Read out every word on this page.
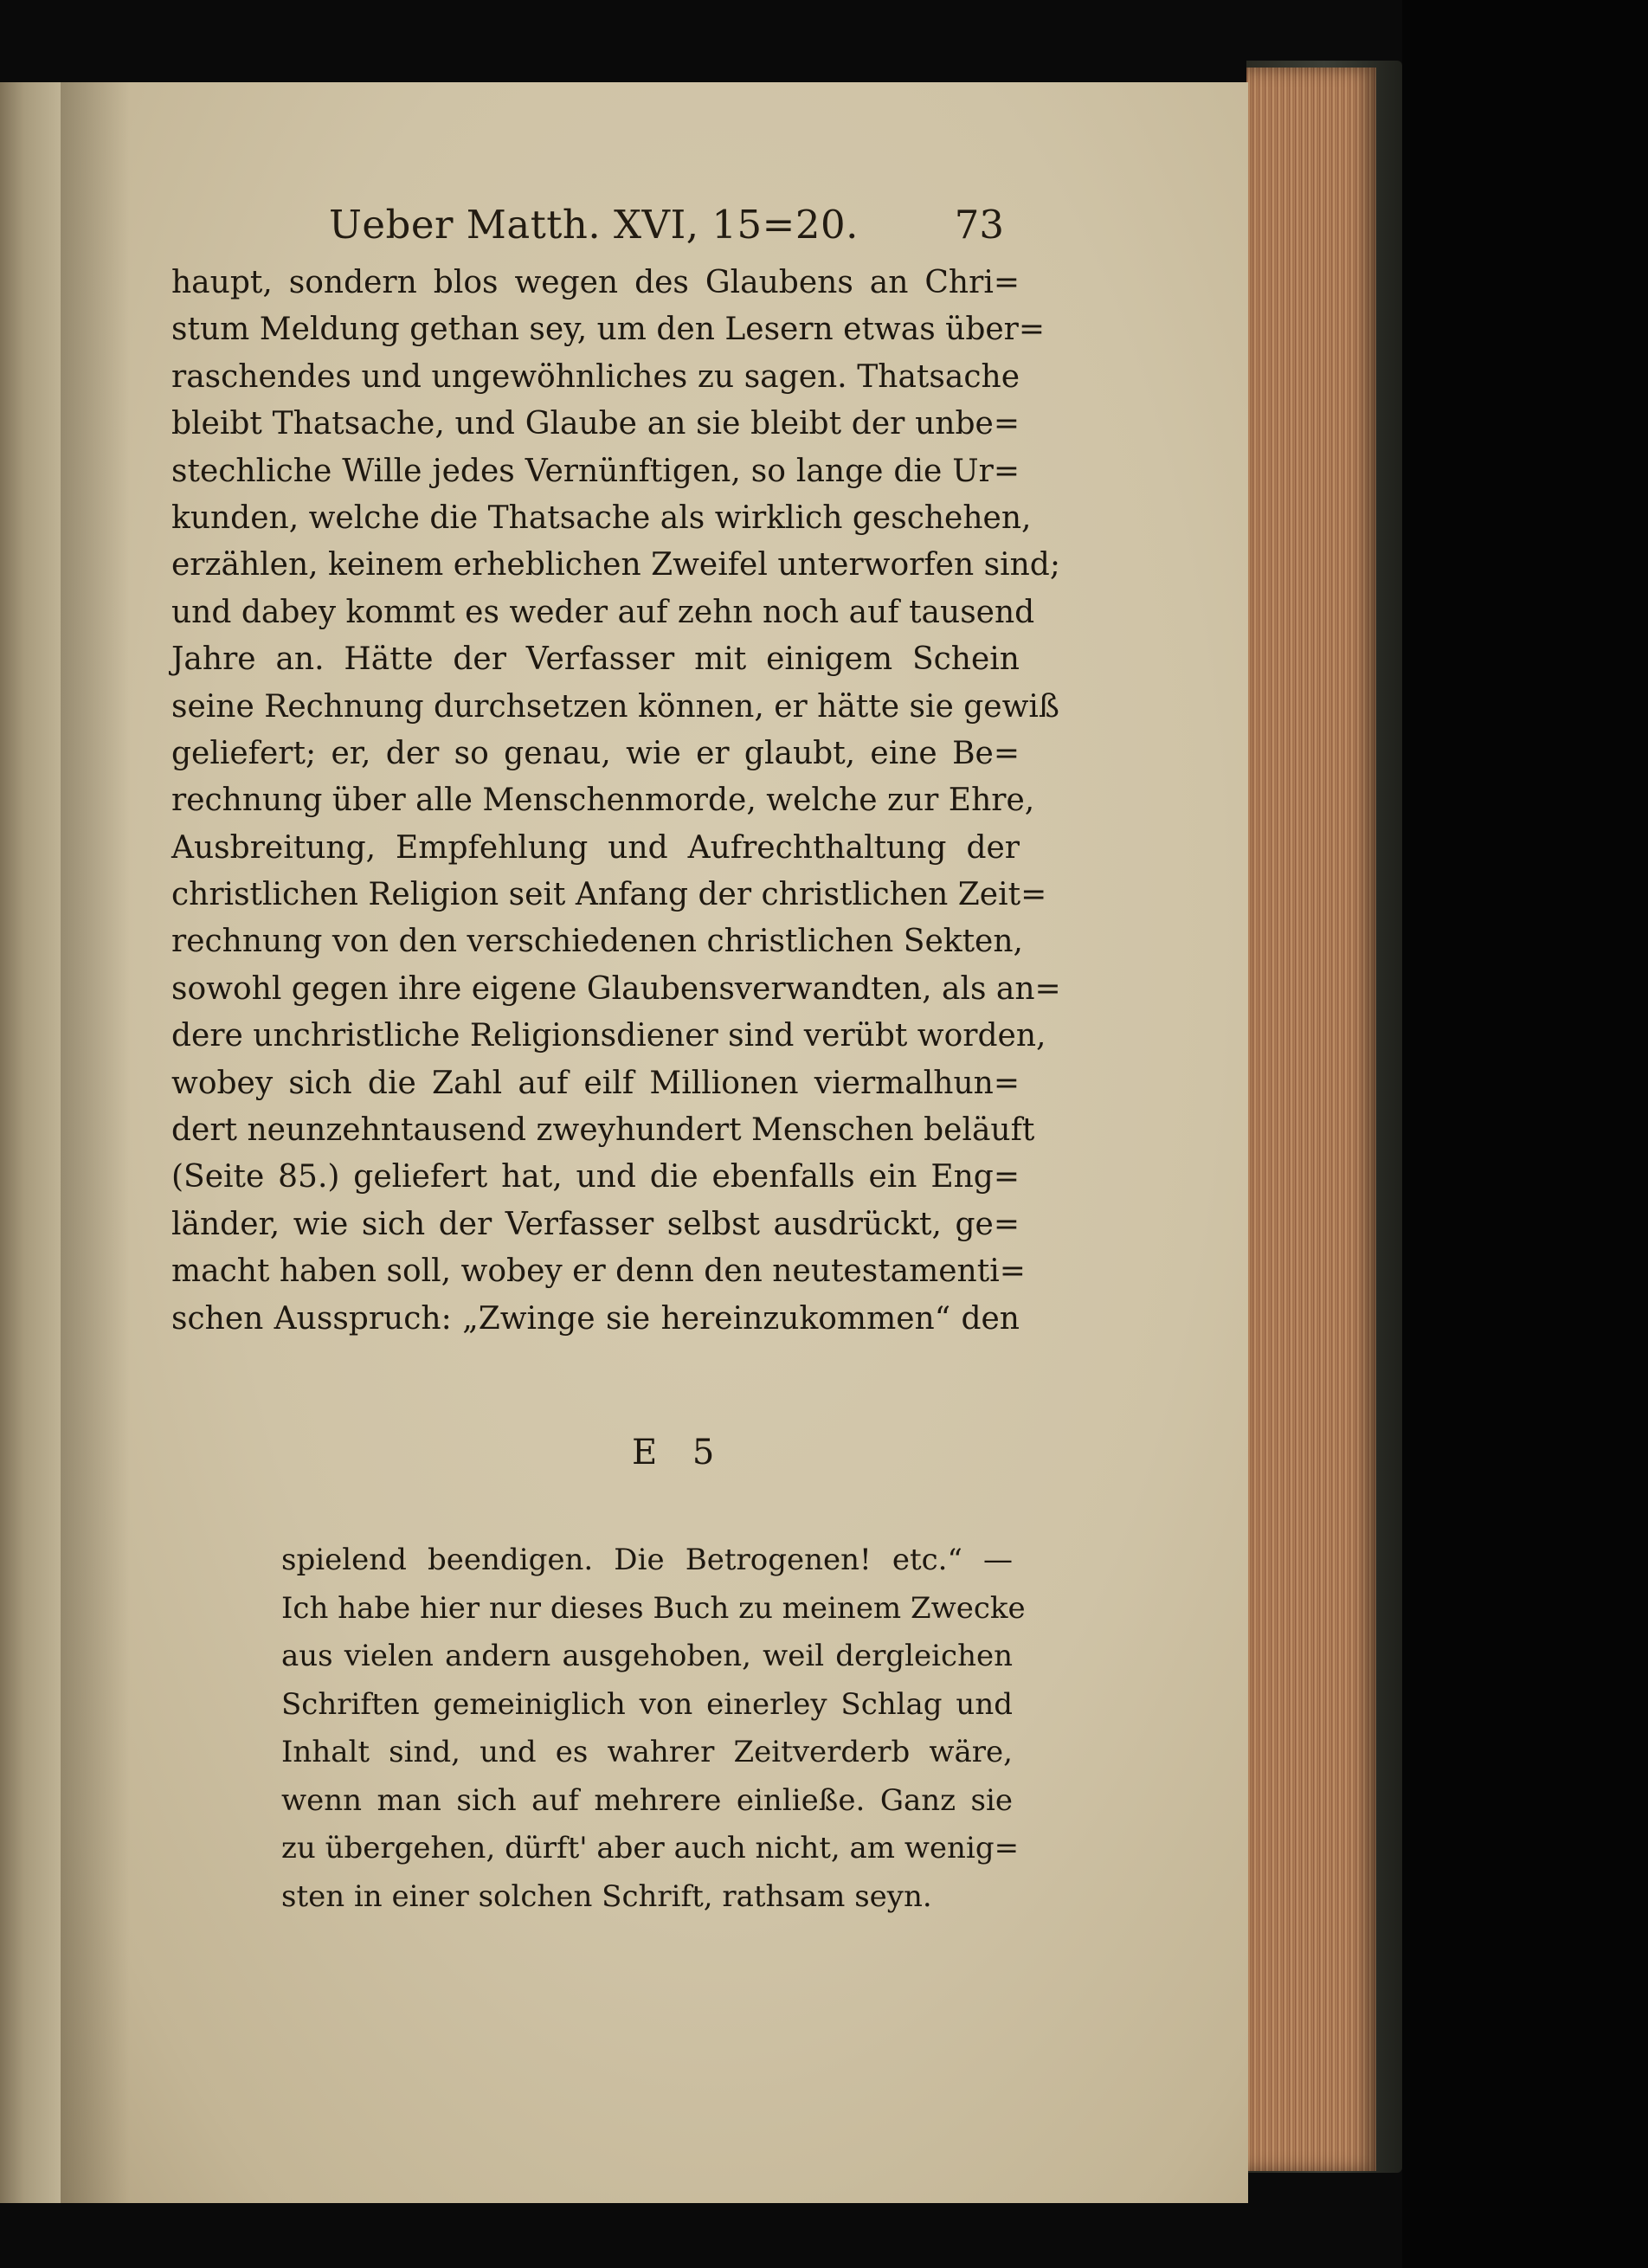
Ueber Matth. XVI, 15=20. 73
haupt, sondern blos wegen des Glaubens an Chri=
stum Meldung gethan sey, um den Lesern etwas über=
raschendes und ungewöhnliches zu sagen. Thatsache
bleibt Thatsache, und Glaube an sie bleibt der unbe=
stechliche Wille jedes Vernünftigen, so lange die Ur=
kunden, welche die Thatsache als wirklich geschehen,
erzählen, keinem erheblichen Zweifel unterworfen sind;
und dabey kommt es weder auf zehn noch auf tausend
Jahre an. Hätte der Verfasser mit einigem Schein
seine Rechnung durchsetzen können, er hätte sie gewiß
geliefert; er, der so genau, wie er glaubt, eine Be=
rechnung über alle Menschenmorde, welche zur Ehre,
Ausbreitung, Empfehlung und Aufrechthaltung der
christlichen Religion seit Anfang der christlichen Zeit=
rechnung von den verschiedenen christlichen Sekten,
sowohl gegen ihre eigene Glaubensverwandten, als an=
dere unchristliche Religionsdiener sind verübt worden,
wobey sich die Zahl auf eilf Millionen viermalhun=
dert neunzehntausend zweyhundert Menschen beläuft
(Seite 85.) geliefert hat, und die ebenfalls ein Eng=
länder, wie sich der Verfasser selbst ausdrückt, ge=
macht haben soll, wobey er denn den neutestamenti=
schen Ausspruch: „Zwinge sie hereinzukommen“ den
E 5
spielend beendigen. Die Betrogenen! etc.“ —
Ich habe hier nur dieses Buch zu meinem Zwecke
aus vielen andern ausgehoben, weil dergleichen
Schriften gemeiniglich von einerley Schlag und
Inhalt sind, und es wahrer Zeitverderb wäre,
wenn man sich auf mehrere einließe. Ganz sie
zu übergehen, dürft' aber auch nicht, am wenig=
sten in einer solchen Schrift, rathsam seyn.
